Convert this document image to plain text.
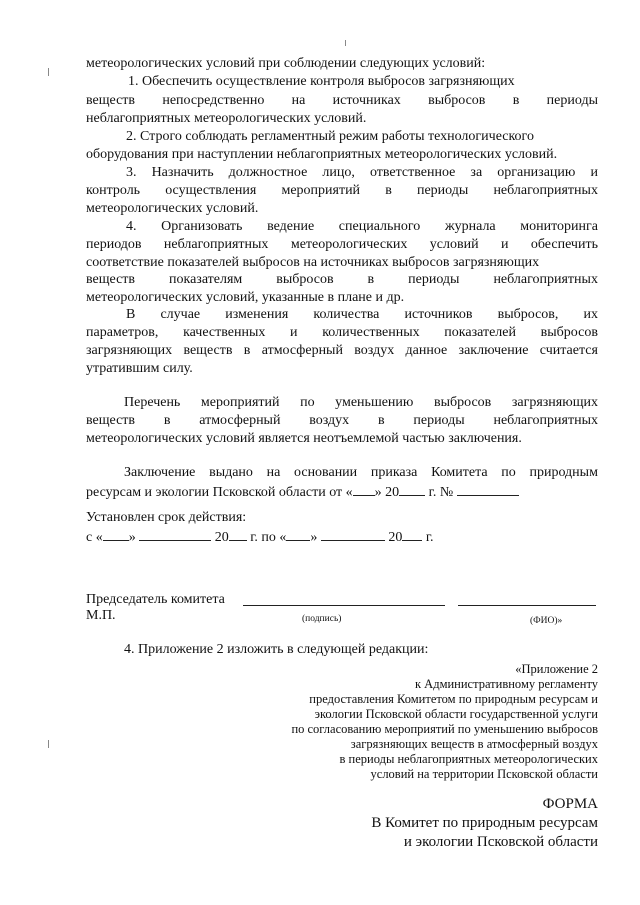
метеорологических условий при соблюдении следующих условий:
1. Обеспечить осуществление контроля выбросов загрязняющих
веществ непосредственно на источниках выбросов в периоды
неблагоприятных метеорологических условий.
2. Строго соблюдать регламентный режим работы технологического
оборудования при наступлении неблагоприятных метеорологических условий.
3. Назначить должностное лицо, ответственное за организацию и
контроль осуществления мероприятий в периоды неблагоприятных
метеорологических условий.
4. Организовать ведение специального журнала мониторинга
периодов неблагоприятных метеорологических условий и обеспечить
соответствие показателей выбросов на источниках выбросов загрязняющих
веществ показателям выбросов в периоды неблагоприятных
метеорологических условий, указанные в плане и др.
В случае изменения количества источников выбросов, их
параметров, качественных и количественных показателей выбросов
загрязняющих веществ в атмосферный воздух данное заключение считается
утратившим силу.
Перечень мероприятий по уменьшению выбросов загрязняющих
веществ в атмосферный воздух в периоды неблагоприятных
метеорологических условий является неотъемлемой частью заключения.
Заключение выдано на основании приказа Комитета по природным
ресурсам и экологии Псковской области от « » 20 г. №
Установлен срок действия:
с « »	20 г. по « »	20 г.
Председатель комитета
М.П.	(подпись)	(ФИО)»
4. Приложение 2 изложить в следующей редакции:
«Приложение 2
к Административному регламенту
предоставления Комитетом по природным ресурсам и
экологии Псковской области государственной услуги
по согласованию мероприятий по уменьшению выбросов
загрязняющих веществ в атмосферный воздух
в периоды неблагоприятных метеорологических
условий на территории Псковской области
ФОРМА
В Комитет по природным ресурсам
и экологии Псковской области
